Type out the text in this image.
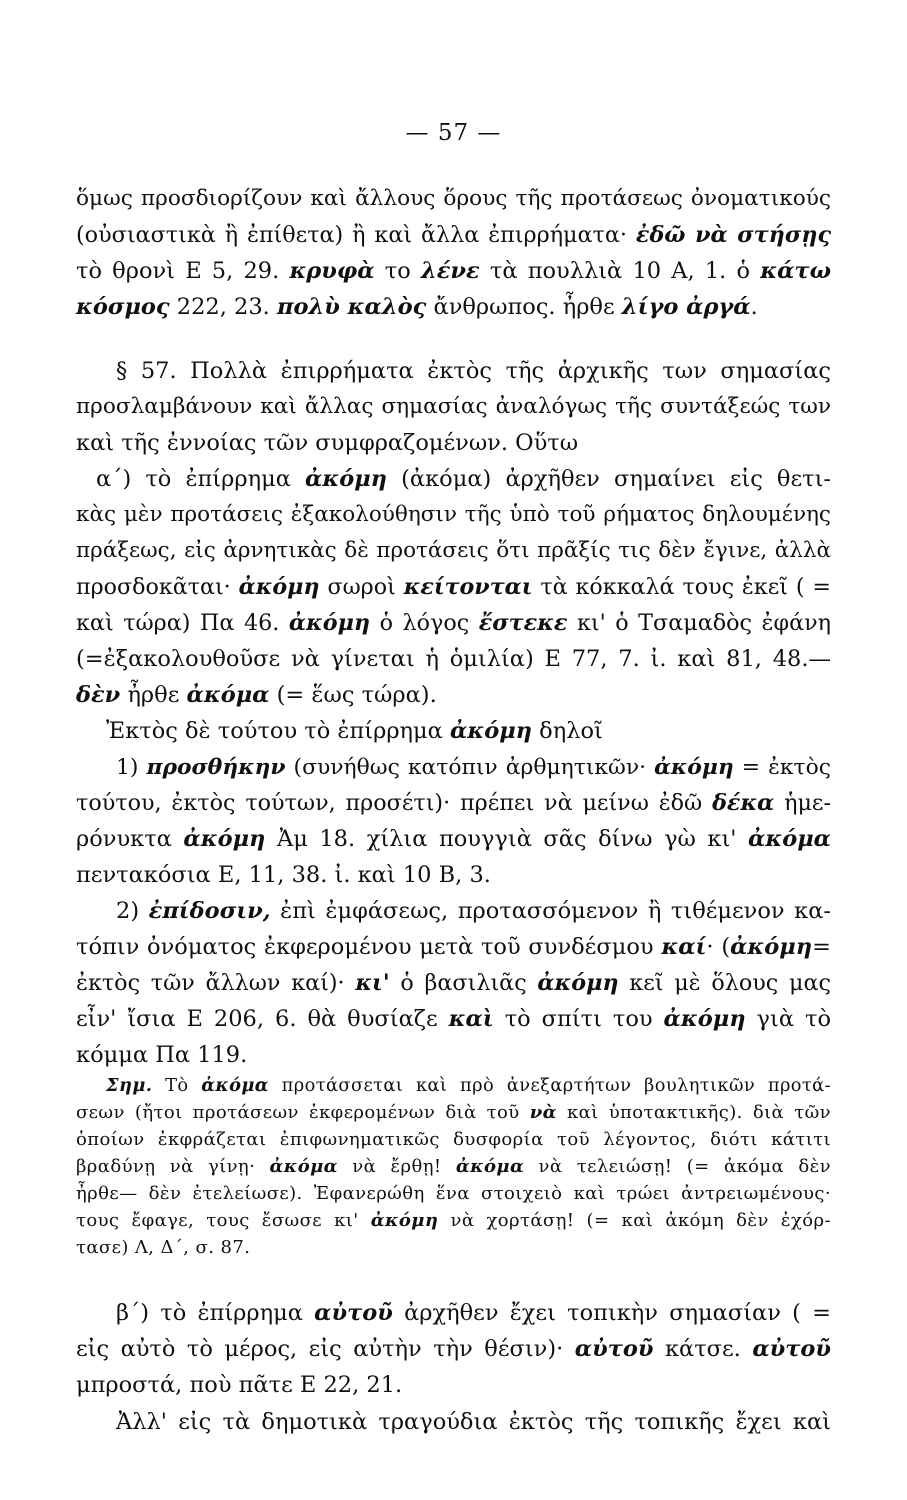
— 57 —
ὅμως προσδιορίζουν καὶ ἄλλους ὅρους τῆς προτάσεως ὀνοματικούς
(οὐσιαστικὰ ἢ ἐπίθετα) ἢ καὶ ἄλλα ἐπιρρήματα· ἐδῶ νὰ στήσῃς
τὸ θρονὶ Ε 5, 29. κρυφὰ το λένε τὰ πουλλιὰ 10 Α, 1. ὁ κάτω
κόσμος 222, 23. πολὺ καλὸς ἄνθρωπος. ἦρθε λίγο ἀργά.
§ 57. Πολλὰ ἐπιρρήματα ἐκτὸς τῆς ἀρχικῆς των σημασίας
προσλαμβάνουν καὶ ἄλλας σημασίας ἀναλόγως τῆς συντάξεώς των
καὶ τῆς ἐννοίας τῶν συμφραζομένων. Οὕτω
α΄) τὸ ἐπίρρημα ἀκόμη (ἀκόμα) ἀρχῆθεν σημαίνει εἰς θετι-
κὰς μὲν προτάσεις ἐξακολούθησιν τῆς ὑπὸ τοῦ ρήματος δηλουμένης
πράξεως, εἰς ἀρνητικὰς δὲ προτάσεις ὅτι πρᾶξίς τις δὲν ἔγινε, ἀλλὰ
προσδοκᾶται· ἀκόμη σωροὶ κείτονται τὰ κόκκαλά τους ἐκεῖ ( =
καὶ τώρα) Πα 46. ἀκόμη ὁ λόγος ἔστεκε κι' ὁ Τσαμαδὸς ἐφάνη
(=ἐξακολουθοῦσε νὰ γίνεται ἡ ὁμιλία) Ε 77, 7. ἰ. καὶ 81, 48.—
δὲν ἦρθε ἀκόμα (= ἕως τώρα).
Ἐκτὸς δὲ τούτου τὸ ἐπίρρημα ἀκόμη δηλοῖ
1) προσθήκην (συνήθως κατόπιν ἀρθμητικῶν· ἀκόμη = ἐκτὸς
τούτου, ἐκτὸς τούτων, προσέτι)· πρέπει νὰ μείνω ἐδῶ δέκα ἡμε-
ρόνυκτα ἀκόμη Ἀμ 18. χίλια πουγγιὰ σᾶς δίνω γὼ κι' ἀκόμα
πεντακόσια Ε, 11, 38. ἰ. καὶ 10 Β, 3.
2) ἐπίδοσιν, ἐπὶ ἐμφάσεως, προτασσόμενον ἢ τιθέμενον κα-
τόπιν ὀνόματος ἐκφερομένου μετὰ τοῦ συνδέσμου καί· (ἀκόμη=
ἐκτὸς τῶν ἄλλων καί)· κι' ὁ βασιλιᾶς ἀκόμη κεῖ μὲ ὅλους μας
εἶν' ἴσια Ε 206, 6. θὰ θυσίαζε καὶ τὸ σπίτι του ἀκόμη γιὰ τὸ
κόμμα Πα 119.
Σημ. Τὸ ἀκόμα προτάσσεται καὶ πρὸ ἀνεξαρτήτων βουλητικῶν προτά-
σεων (ἤτοι προτάσεων ἐκφερομένων διὰ τοῦ νὰ καὶ ὑποτακτικῆς). διὰ τῶν
ὁποίων ἐκφράζεται ἐπιφωνηματικῶς δυσφορία τοῦ λέγοντος, διότι κάτιτι
βραδύνῃ νὰ γίνῃ· ἀκόμα νὰ ἔρθῃ! ἀκόμα νὰ τελειώσῃ! (= ἀκόμα δὲν
ἦρθε— δὲν ἐτελείωσε). Ἐφανερώθη ἕνα στοιχειὸ καὶ τρώει ἀντρειωμένους·
τους ἔφαγε, τους ἔσωσε κι' ἀκόμη νὰ χορτάσῃ! (= καὶ ἀκόμη δὲν ἐχόρ-
τασε) Λ, Δ΄, σ. 87.
β΄) τὸ ἐπίρρημα αὐτοῦ ἀρχῆθεν ἔχει τοπικὴν σημασίαν ( =
εἰς αὐτὸ τὸ μέρος, εἰς αὐτὴν τὴν θέσιν)· αὐτοῦ κάτσε. αὐτοῦ
μπροστά, ποὺ πᾶτε Ε 22, 21.
Ἀλλ' εἰς τὰ δημοτικὰ τραγούδια ἐκτὸς τῆς τοπικῆς ἔχει καὶ
